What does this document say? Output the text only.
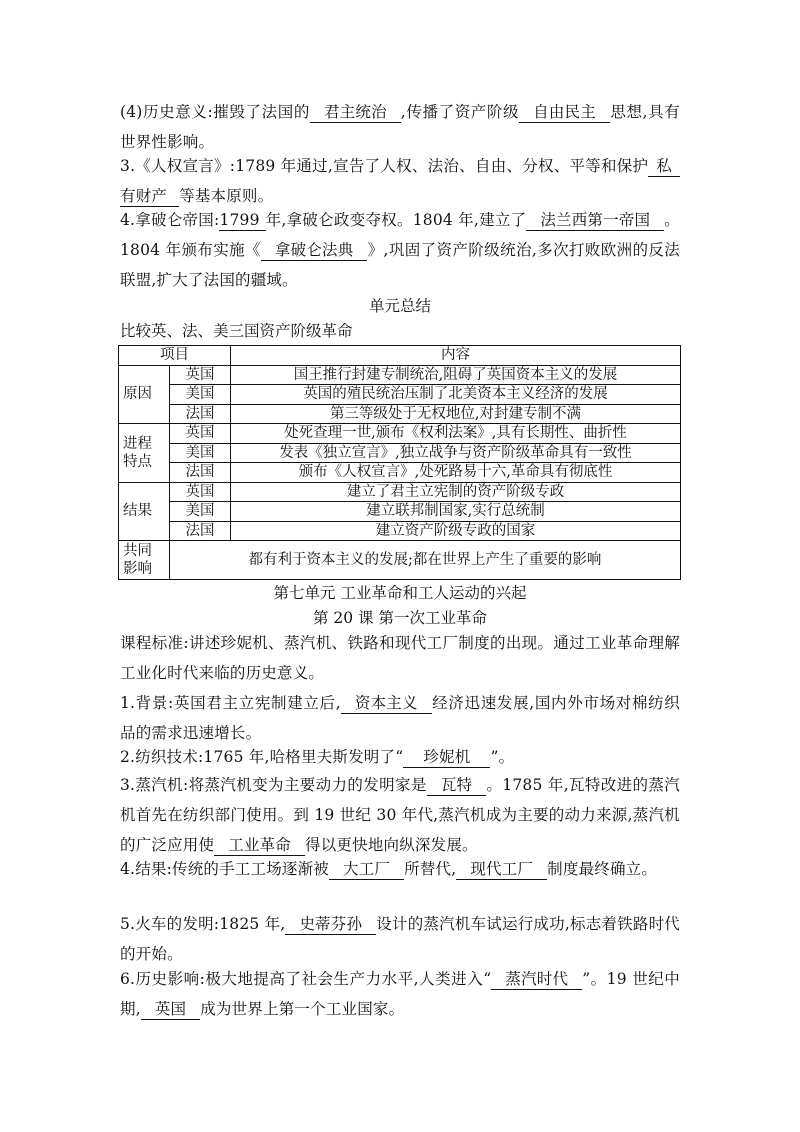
(4)历史意义:摧毁了法国的 君主统治 ,传播了资产阶级 自由民主 思想,具有世界性影响。
3.《人权宣言》:1789 年通过,宣告了人权、法治、自由、分权、平等和保护 私有财产 等基本原则。
4.拿破仑帝国:1799 年,拿破仑政变夺权。1804 年,建立了 法兰西第一帝国 。1804 年颁布实施《 拿破仑法典 》,巩固了资产阶级统治,多次打败欧洲的反法联盟,扩大了法国的疆域。
单元总结
比较英、法、美三国资产阶级革命
项目		内容
原因	英国	国王推行封建专制统治,阻碍了英国资本主义的发展
	美国	英国的殖民统治压制了北美资本主义经济的发展
	法国	第三等级处于无权地位,对封建专制不满

进程
特点	英国	处死查理一世,颁布《权利法案》,具有长期性、曲折性
	美国	发表《独立宣言》,独立战争与资产阶级革命具有一致性
	法国	颁布《人权宣言》,处死路易十六,革命具有彻底性
结果	英国	建立了君主立宪制的资产阶级专政
	美国	建立联邦制国家,实行总统制
	法国	建立资产阶级专政的国家

共同
影响	都有利于资本主义的发展;都在世界上产生了重要的影响	
第七单元 工业革命和工人运动的兴起
第 20 课 第一次工业革命
课程标准:讲述珍妮机、蒸汽机、铁路和现代工厂制度的出现。通过工业革命理解工业化时代来临的历史意义。
1.背景:英国君主立宪制建立后, 资本主义 经济迅速发展,国内外市场对棉纺织品的需求迅速增长。
2.纺织技术:1765 年,哈格里夫斯发明了“ 珍妮机 ”。
3.蒸汽机:将蒸汽机变为主要动力的发明家是 瓦特 。1785 年,瓦特改进的蒸汽机首先在纺织部门使用。到 19 世纪 30 年代,蒸汽机成为主要的动力来源,蒸汽机的广泛应用使 工业革命 得以更快地向纵深发展。
4.结果:传统的手工工场逐渐被 大工厂 所替代, 现代工厂 制度最终确立。
5.火车的发明:1825 年, 史蒂芬孙 设计的蒸汽机车试运行成功,标志着铁路时代的开始。
6.历史影响:极大地提高了社会生产力水平,人类进入“ 蒸汽时代 ”。19 世纪中期, 英国 成为世界上第一个工业国家。
